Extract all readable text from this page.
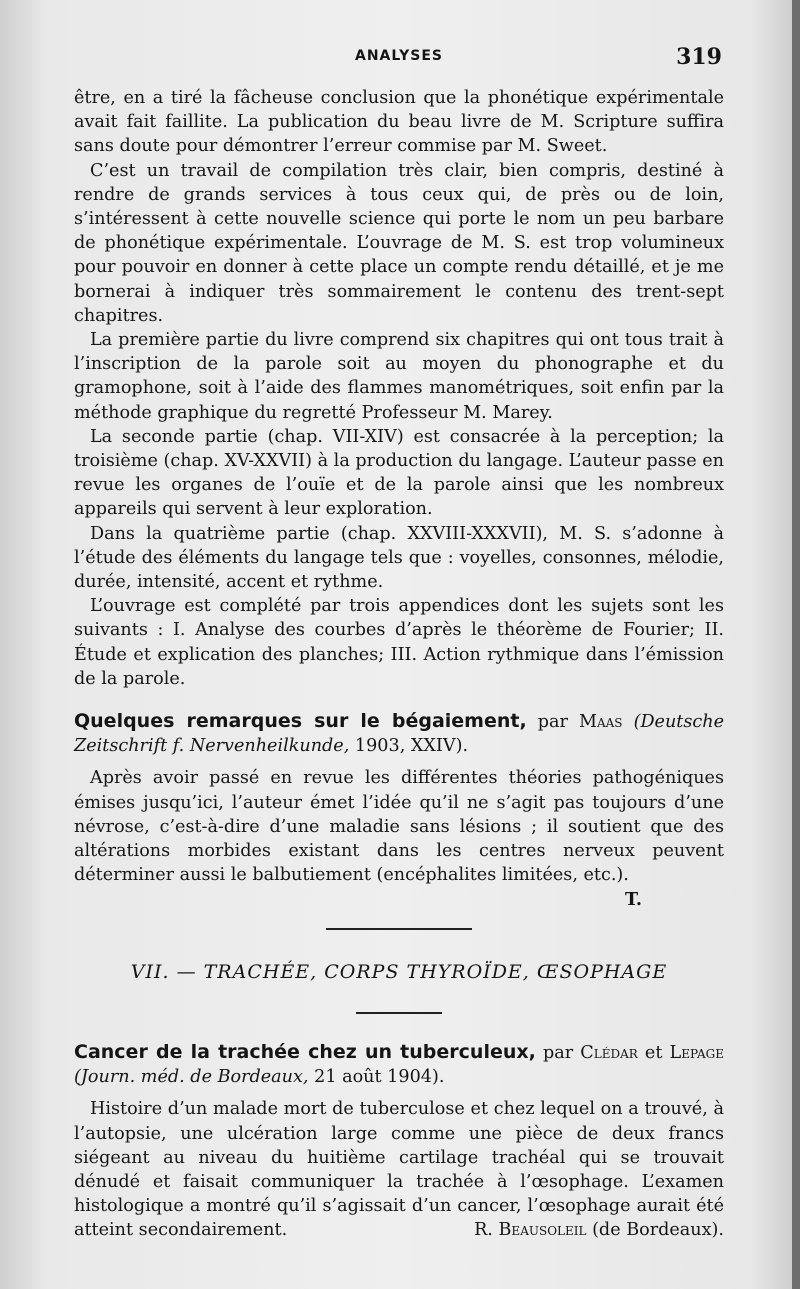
ANALYSES	319

être, en a tiré la fâcheuse conclusion que la phonétique expérimentale avait fait faillite. La publication du beau livre de M. Scripture suffira sans doute pour démontrer l’erreur commise par M. Sweet.

C’est un travail de compilation très clair, bien compris, destiné à rendre de grands services à tous ceux qui, de près ou de loin, s’intéressent à cette nouvelle science qui porte le nom un peu barbare de phonétique expérimentale. L’ouvrage de M. S. est trop volumineux pour pouvoir en donner à cette place un compte rendu détaillé, et je me bornerai à indiquer très sommairement le contenu des trent-sept chapitres.

La première partie du livre comprend six chapitres qui ont tous trait à l’inscription de la parole soit au moyen du phonographe et du gramophone, soit à l’aide des flammes manométriques, soit enfin par la méthode graphique du regretté Professeur M. Marey.

La seconde partie (chap. VII-XIV) est consacrée à la perception; la troisième (chap. XV-XXVII) à la production du langage. L’auteur passe en revue les organes de l’ouïe et de la parole ainsi que les nombreux appareils qui servent à leur exploration.

Dans la quatrième partie (chap. XXVIII-XXXVII), M. S. s’adonne à l’étude des éléments du langage tels que : voyelles, consonnes, mélodie, durée, intensité, accent et rythme.

L’ouvrage est complété par trois appendices dont les sujets sont les suivants : I. Analyse des courbes d’après le théorème de Fourier; II. Étude et explication des planches; III. Action rythmique dans l’émission de la parole.

Quelques remarques sur le bégaiement, par Maas (Deutsche Zeitschrift f. Nervenheilkunde, 1903, XXIV).

Après avoir passé en revue les différentes théories pathogéniques émises jusqu’ici, l’auteur émet l’idée qu’il ne s’agit pas toujours d’une névrose, c’est-à-dire d’une maladie sans lésions ; il soutient que des altérations morbides existant dans les centres nerveux peuvent déterminer aussi le balbutiement (encéphalites limitées, etc.).

T.

VII. — TRACHÉE, CORPS THYROÏDE, ŒSOPHAGE

Cancer de la trachée chez un tuberculeux, par Clédar et Lepage (Journ. méd. de Bordeaux, 21 août 1904).

Histoire d’un malade mort de tuberculose et chez lequel on a trouvé, à l’autopsie, une ulcération large comme une pièce de deux francs siégeant au niveau du huitième cartilage trachéal qui se trouvait dénudé et faisait communiquer la trachée à l’œsophage. L’examen histologique a montré qu’il s’agissait d’un cancer, l’œsophage aurait été atteint secondairement.	R. Beausoleil (de Bordeaux).
